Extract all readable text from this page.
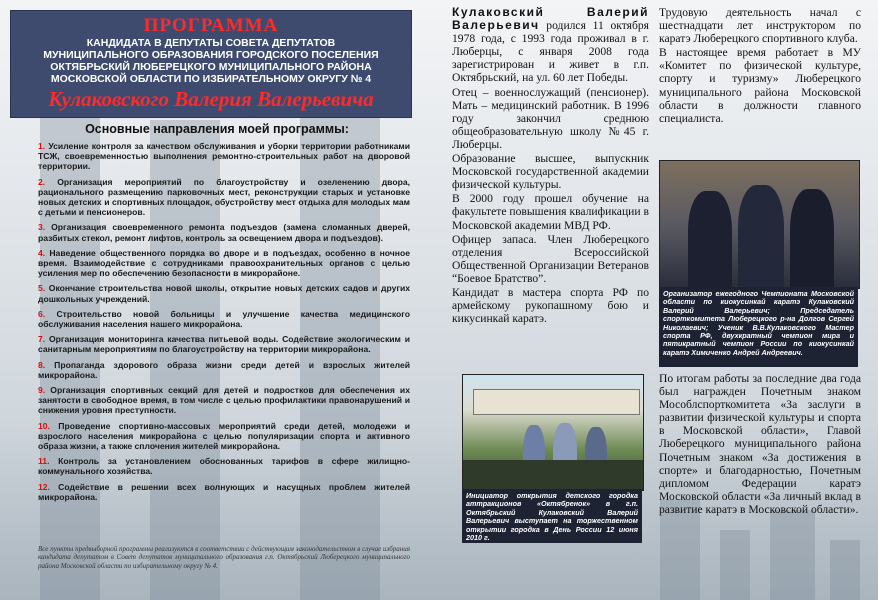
ПРОГРАММА
КАНДИДАТА В ДЕПУТАТЫ СОВЕТА ДЕПУТАТОВ
МУНИЦИПАЛЬНОГО ОБРАЗОВАНИЯ ГОРОДСКОГО ПОСЕЛЕНИЯ
ОКТЯБРЬСКИЙ ЛЮБЕРЕЦКОГО МУНИЦИПАЛЬНОГО РАЙОНА
МОСКОВСКОЙ ОБЛАСТИ ПО ИЗБИРАТЕЛЬНОМУ ОКРУГУ № 4
Кулаковского Валерия Валерьевича
Основные направления моей программы:
1. Усиление контроля за качеством обслуживания и уборки территории работниками ТСЖ, своевременностью выполнения ремонтно-строительных работ на дворовой территории.
2. Организация мероприятий по благоустройству и озеленению двора, рационального размещению парковочных мест, реконструкции старых и установке новых детских и спортивных площадок, обустройству мест отдыха для молодых мам с детьми и пенсионеров.
3. Организация своевременного ремонта подъездов (замена сломанных дверей, разбитых стекол, ремонт лифтов, контроль за освещением двора и подъездов).
4. Наведение общественного порядка во дворе и в подъездах, особенно в ночное время. Взаимодействие с сотрудниками правоохранительных органов с целью усиления мер по обеспечению безопасности в микрорайоне.
5. Окончание строительства новой школы, открытие новых детских садов и других дошкольных учреждений.
6. Строительство новой больницы и улучшение качества медицинского обслуживания населения нашего микрорайона.
7. Организация мониторинга качества питьевой воды. Содействие экологическим и санитарным мероприятиям по благоустройству на территории микрорайона.
8. Пропаганда здорового образа жизни среди детей и взрослых жителей микрорайона.
9. Организация спортивных секций для детей и подростков для обеспечения их занятости в свободное время, в том числе с целью профилактики правонарушений и снижения уровня преступности.
10. Проведение спортивно-массовых мероприятий среди детей, молодежи и взрослого населения микрорайона с целью популяризации спорта и активного образа жизни, а также сплочения жителей микрорайона.
11. Контроль за установлением обоснованных тарифов в сфере жилищно-коммунального хозяйства.
12. Содействие в решении всех волнующих и насущных проблем жителей микрорайона.
Все пункты предвыборной программы реализуются в соответствии с действующим законодательством в случае избрания кандидата депутатом в Совет депутатов муниципального образования г.п. Октябрьский Люберецкого муниципального района Московской области по избирательному округу № 4.

Кулаковский Валерий Валерьевич родился 11 октября 1978 года, с 1993 года проживал в г. Люберцы, с января 2008 года зарегистрирован и живет в г.п. Октябрьский, на ул. 60 лет Победы.

Отец – военнослужащий (пенсионер). Мать – медицинский работник. В 1996 году закончил среднюю общеобразовательную школу №45 г. Люберцы.

Образование высшее, выпускник Московской государственной академии физической культуры.

В 2000 году прошел обучение на факультете повышения квалификации в Московской академии МВД РФ.

Офицер запаса. Член Люберецкого отделения Всероссийской Общественной Организации Ветеранов “Боевое Братство”.

Кандидат в мастера спорта РФ по армейскому рукопашному бою и кикусинкай каратэ.

Инициатор открытия детского городка аттракционов «Октябренок» в г.п. Октябрьский Кулаковский Валерий Валерьевич выступает на торжественном открытии городка в День России 12 июня 2010 г.

Трудовую деятельность начал с шестнадцати лет инструктором по каратэ Люберецкого спортивного клуба.

В настоящее время работает в МУ «Комитет по физической культуре, спорту и туризму» Люберецкого муниципального района Московской области в должности главного специалиста.

Организатор ежегодного Чемпионата Московской области по киокусинкай каратэ Кулаковский Валерий Валерьевич; Председатель спорткомитета Люберецкого р-на Долгов Сергей Николаевич; Ученик В.В.Кулаковского Мастер спорта РФ, двухкратный чемпион мира и пятикратный чемпион России по киокусинкай каратэ Химиченко Андрей Андреевич.

По итогам работы за последние два года был награжден Почетным знаком Мособлспорткомитета «За заслуги в развитии физической культуры и спорта в Московской области», Главой Люберецкого муниципального района Почетным знаком «За достижения в спорте» и благодарностью, Почетным дипломом Федерации каратэ Московской области «За личный вклад в развитие каратэ в Московской области».
